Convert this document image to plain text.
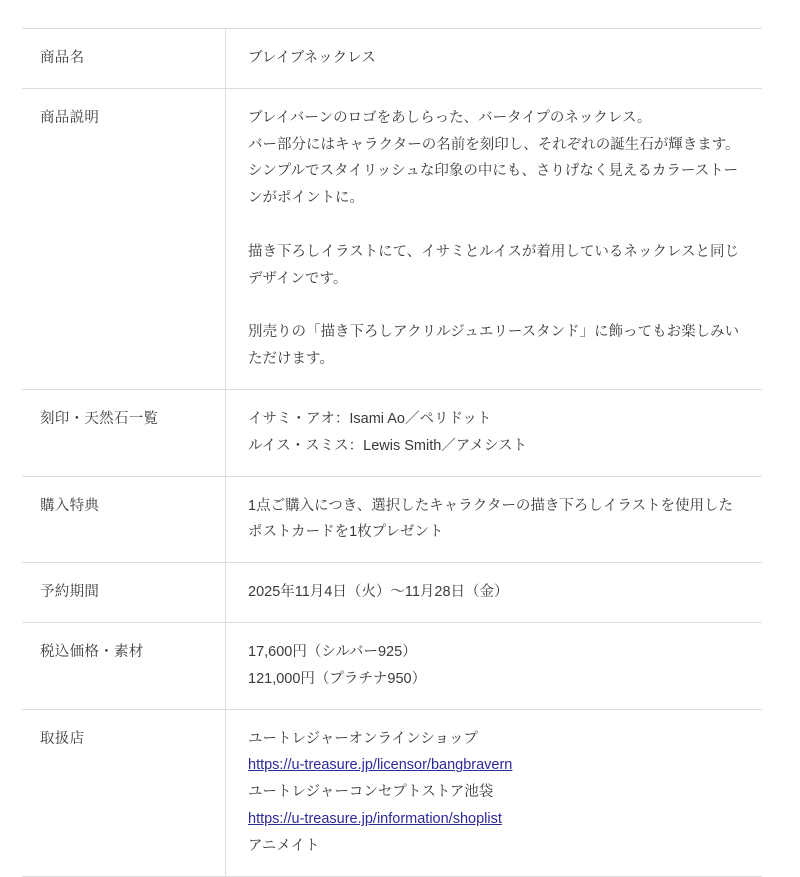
商品名	ブレイブネックレス

商品説明	ブレイバーンのロゴをあしらった、バータイプのネックレス。
バー部分にはキャラクターの名前を刻印し、それぞれの誕生石が輝きます。
シンプルでスタイリッシュな印象の中にも、さりげなく見えるカラーストーンがポイントに。
描き下ろしイラストにて、イサミとルイスが着用しているネックレスと同じデザインです。
別売りの「描き下ろしアクリルジュエリースタンド」に飾ってもお楽しみいただけます。

刻印・天然石一覧	イサミ・アオ：Isami Ao／ペリドット
ルイス・スミス：Lewis Smith／アメシスト

購入特典	1点ご購入につき、選択したキャラクターの描き下ろしイラストを使用したポストカードを1枚プレゼント

予約期間	2025年11月4日（火）～11月28日（金）

税込価格・素材	17,600円（シルバー925）
121,000円（プラチナ950）

取扱店	ユートレジャーオンラインショップ
https://u-treasure.jp/licensor/bangbravern
ユートレジャーコンセプトストア池袋
https://u-treasure.jp/information/shoplist
アニメイト
